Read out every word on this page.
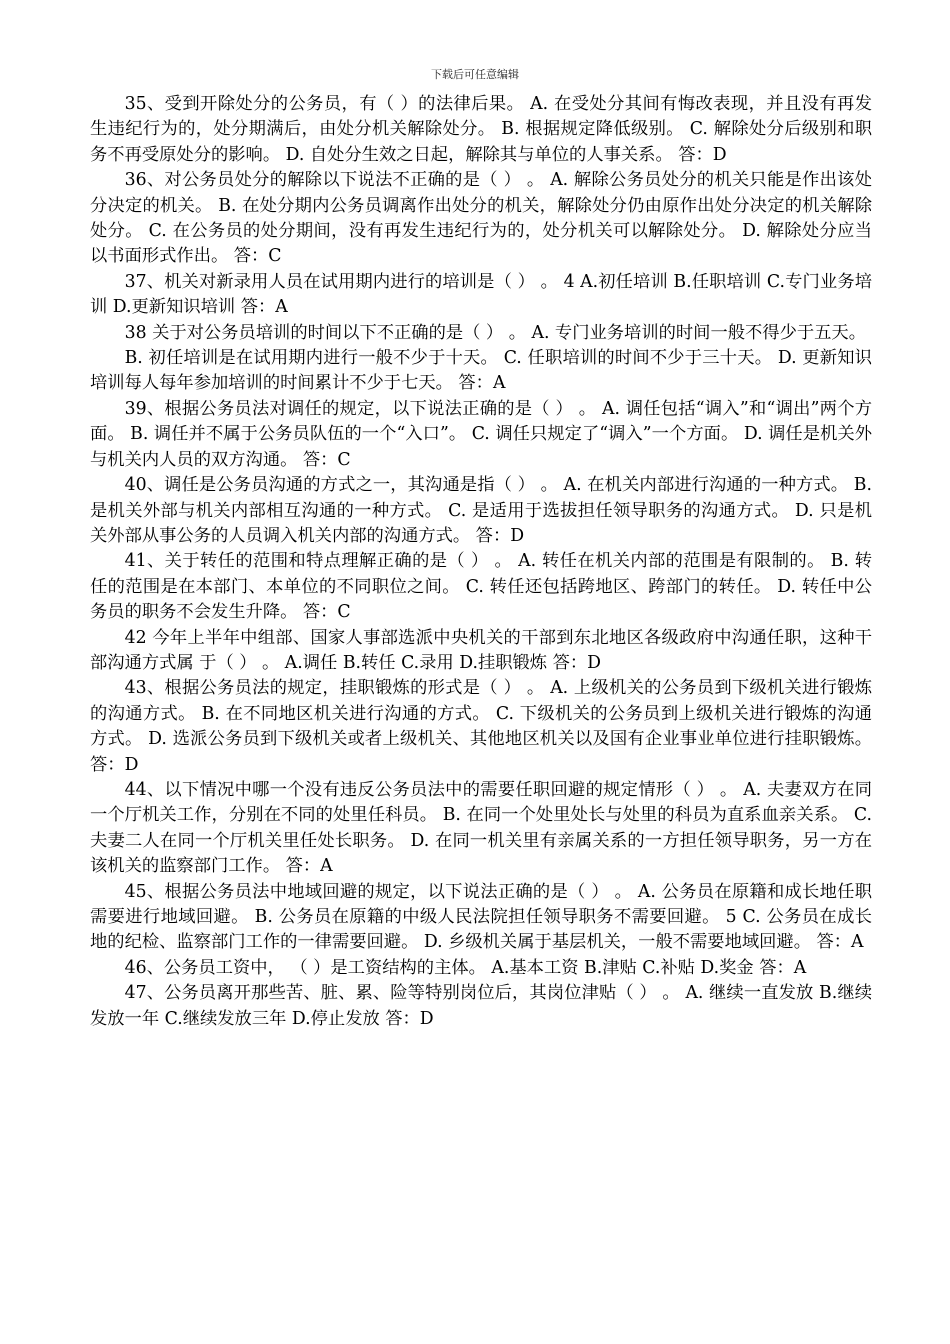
下载后可任意编辑

35、受到开除处分的公务员，有（ ）的法律后果。 A. 在受处分其间有悔改表现，并且没有再发生违纪行为的，处分期满后，由处分机关解除处分。 B. 根据规定降低级别。 C. 解除处分后级别和职务不再受原处分的影响。 D. 自处分生效之日起，解除其与单位的人事关系。 答：D

36、对公务员处分的解除以下说法不正确的是（ ） 。 A. 解除公务员处分的机关只能是作出该处分决定的机关。 B. 在处分期内公务员调离作出处分的机关，解除处分仍由原作出处分决定的机关解除处分。 C. 在公务员的处分期间，没有再发生违纪行为的，处分机关可以解除处分。 D. 解除处分应当以书面形式作出。 答：C

37、机关对新录用人员在试用期内进行的培训是（ ） 。 4 A.初任培训 B.任职培训 C.专门业务培训 D.更新知识培训 答：A

38 关于对公务员培训的时间以下不正确的是（ ） 。 A. 专门业务培训的时间一般不得少于五天。

B. 初任培训是在试用期内进行一般不少于十天。 C. 任职培训的时间不少于三十天。 D. 更新知识培训每人每年参加培训的时间累计不少于七天。 答：A

39、根据公务员法对调任的规定，以下说法正确的是（ ） 。 A. 调任包括“调入”和“调出”两个方面。 B. 调任并不属于公务员队伍的一个“入口”。 C. 调任只规定了“调入”一个方面。 D. 调任是机关外与机关内人员的双方沟通。 答：C

40、调任是公务员沟通的方式之一，其沟通是指（ ） 。 A. 在机关内部进行沟通的一种方式。 B. 是机关外部与机关内部相互沟通的一种方式。 C. 是适用于选拔担任领导职务的沟通方式。 D. 只是机关外部从事公务的人员调入机关内部的沟通方式。 答：D

41、关于转任的范围和特点理解正确的是（ ） 。 A. 转任在机关内部的范围是有限制的。 B. 转任的范围是在本部门、本单位的不同职位之间。 C. 转任还包括跨地区、跨部门的转任。 D. 转任中公务员的职务不会发生升降。 答：C

42 今年上半年中组部、国家人事部选派中央机关的干部到东北地区各级政府中沟通任职，这种干部沟通方式属 于（ ） 。 A.调任 B.转任 C.录用 D.挂职锻炼 答：D

43、根据公务员法的规定，挂职锻炼的形式是（ ） 。 A. 上级机关的公务员到下级机关进行锻炼的沟通方式。 B. 在不同地区机关进行沟通的方式。 C. 下级机关的公务员到上级机关进行锻炼的沟通方式。 D. 选派公务员到下级机关或者上级机关、其他地区机关以及国有企业事业单位进行挂职锻炼。 答：D

44、以下情况中哪一个没有违反公务员法中的需要任职回避的规定情形（ ） 。 A. 夫妻双方在同一个厅机关工作，分别在不同的处里任科员。 B. 在同一个处里处长与处里的科员为直系血亲关系。 C. 夫妻二人在同一个厅机关里任处长职务。 D. 在同一机关里有亲属关系的一方担任领导职务，另一方在该机关的监察部门工作。 答：A

45、根据公务员法中地域回避的规定，以下说法正确的是（ ） 。 A. 公务员在原籍和成长地任职需要进行地域回避。 B. 公务员在原籍的中级人民法院担任领导职务不需要回避。 5 C. 公务员在成长地的纪检、监察部门工作的一律需要回避。 D. 乡级机关属于基层机关，一般不需要地域回避。 答：A

46、公务员工资中， （ ）是工资结构的主体。 A.基本工资 B.津贴 C.补贴 D.奖金 答：A

47、公务员离开那些苦、脏、累、险等特别岗位后，其岗位津贴（ ） 。 A. 继续一直发放 B.继续发放一年 C.继续发放三年 D.停止发放 答：D
